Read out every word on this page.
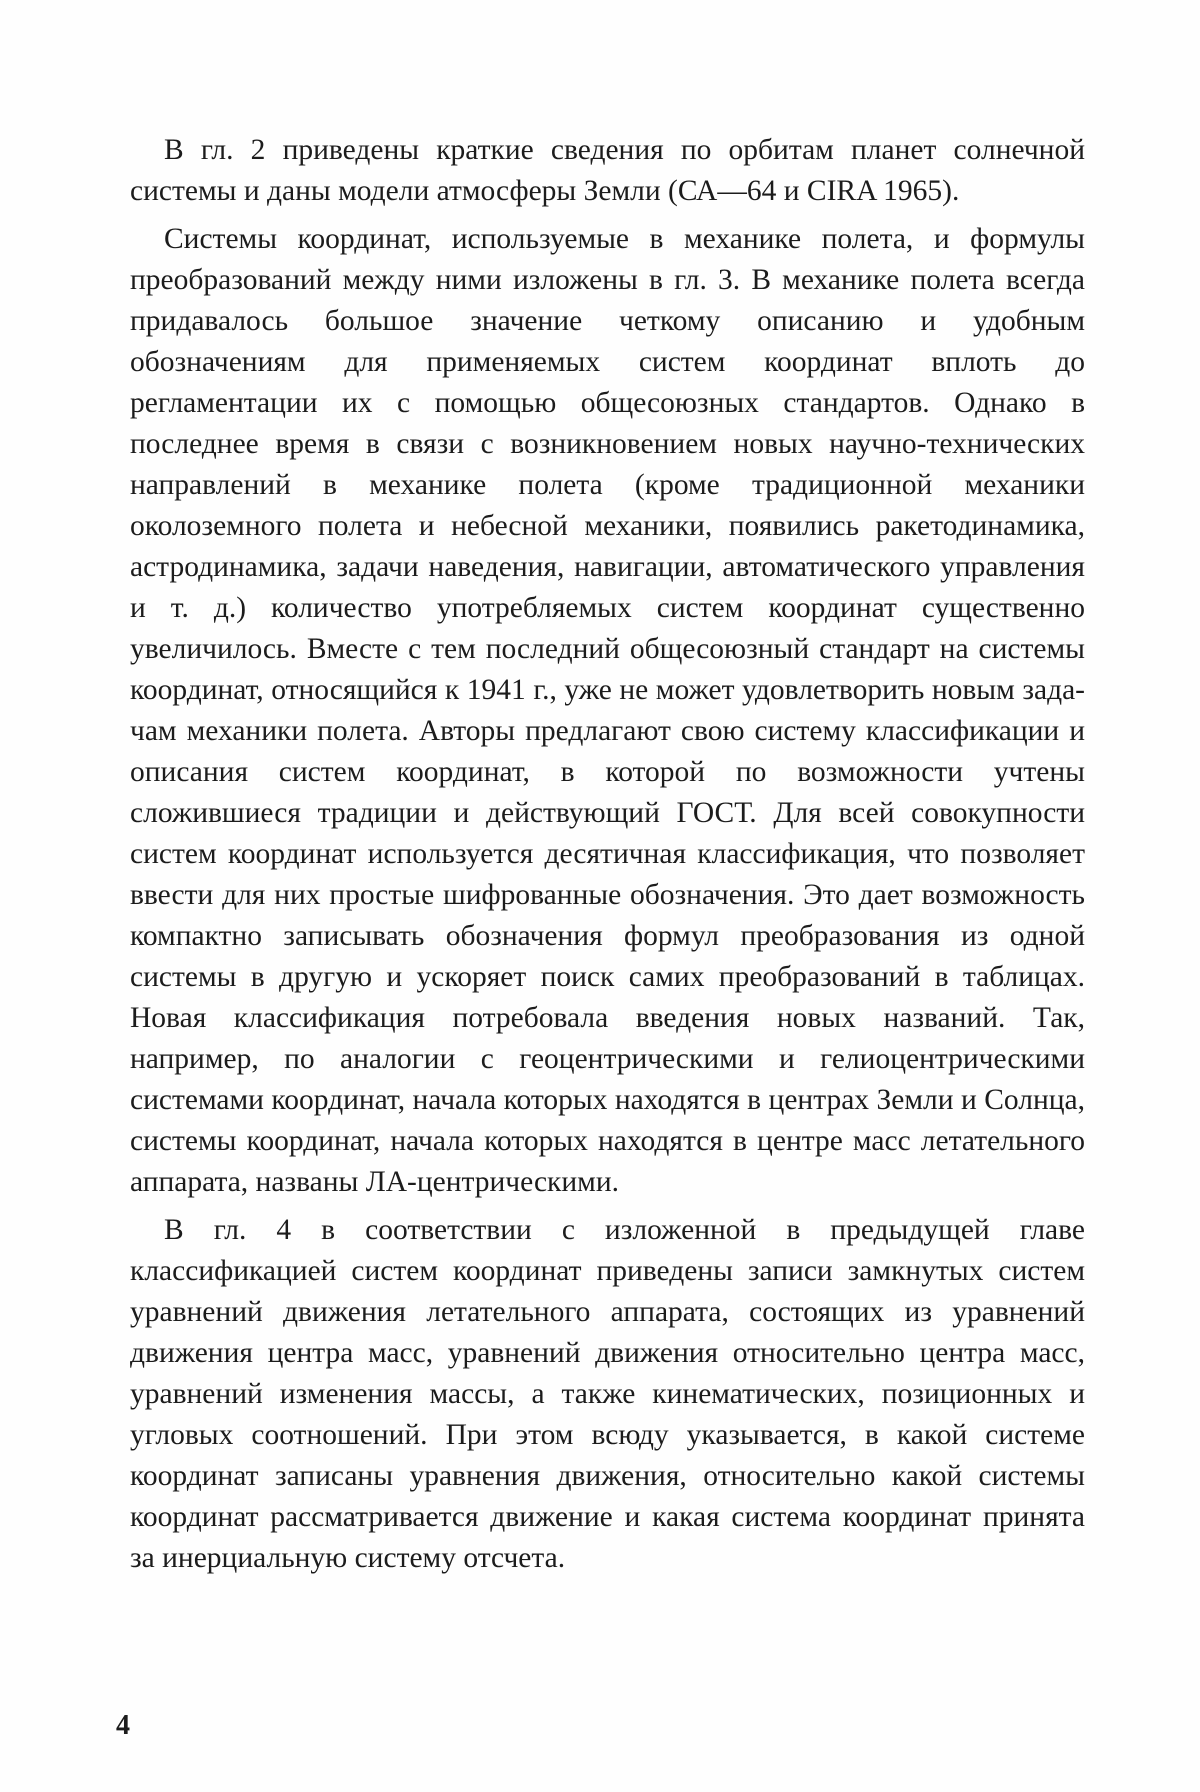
В гл. 2 приведены краткие сведения по орбитам планет солнечной системы и даны модели атмосферы Земли (СА—64 и CIRA 1965).

Системы координат, используемые в механике полета, и формулы преобразований между ними изложены в гл. 3. В механике полета всегда придавалось большое значение четкому описанию и удобным обозначениям для применяемых систем координат вплоть до регламентации их с помощью общесоюзных стандартов. Однако в последнее время в связи с возникновением новых научно-технических направлений в механике полета (кроме традиционной механики околоземного полета и небесной механики, появились ракетодинамика, астродинамика, задачи наведения, навигации, автоматического управления и т. д.) количество употребляемых систем координат существенно увеличилось. Вместе с тем последний общесоюзный стандарт на системы координат, относящийся к 1941 г., уже не может удовлетворить новым задачам механики полета. Авторы предлагают свою систему классификации и описания систем координат, в которой по возможности учтены сложившиеся традиции и действующий ГОСТ. Для всей совокупности систем координат используется десятичная классификация, что позволяет ввести для них простые шифрованные обозначения. Это дает возможность компактно записывать обозначения формул преобразования из одной системы в другую и ускоряет поиск самих преобразований в таблицах. Новая классификация потребовала введения новых названий. Так, например, по аналогии с геоцентрическими и гелиоцентрическими системами координат, начала которых находятся в центрах Земли и Солнца, системы координат, начала которых находятся в центре масс летательного аппарата, названы ЛА-центрическими.

В гл. 4 в соответствии с изложенной в предыдущей главе классификацией систем координат приведены записи замкнутых систем уравнений движения летательного аппарата, состоящих из уравнений движения центра масс, уравнений движения относительно центра масс, уравнений изменения массы, а также кинематических, позиционных и угловых соотношений. При этом всюду указывается, в какой системе координат записаны уравнения движения, относительно какой системы координат рассматривается движение и какая система координат принята за инерциальную систему отсчета.

4
